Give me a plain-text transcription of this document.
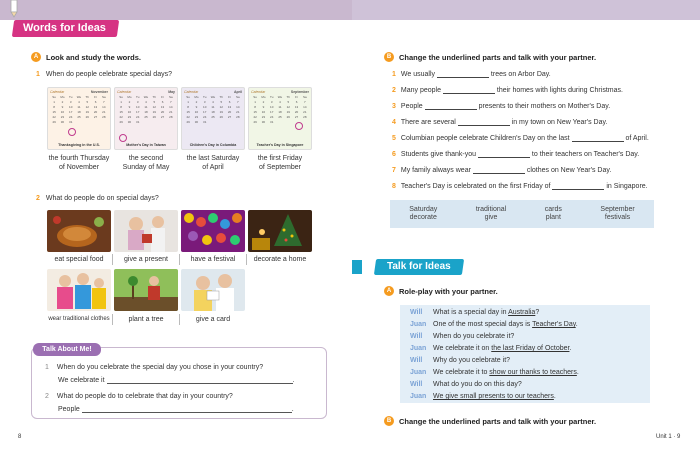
Words for Ideas
A	Look and study the words.
1 When do people celebrate special days?
Calendar	November
Su	Mo	Tu	We	Th	Fr	Sa
1	2	3	4	5	6	7
8	9	10	11	12	13	14
15	16	17	18	19	20	21
22	23	24	25	26	27	28
29	30	31
Thanksgiving in the U.S.
the fourth Thursday
of November
Calendar	May
Su	Mo	Tu	We	Th	Fr	Sa
1	2	3	4	5	6	7
8	9	10	11	12	13	14
15	16	17	18	19	20	21
22	23	24	25	26	27	28
29	30	31
Mother's Day in Taiwan
the second
Sunday of May
Calendar	April
Su	Mo	Tu	We	Th	Fr	Sa
1	2	3	4	5	6	7
8	9	10	11	12	13	14
15	16	17	18	19	20	21
22	23	24	25	26	27	28
29	30	31
Children's Day in Columbia
the last Saturday
of April
Calendar	September
Su	Mo	Tu	We	Th	Fr	Sa
1	2	3	4	5	6	7
8	9	10	11	12	13	14
15	16	17	18	19	20	21
22	23	24	25	26	27	28
29	30	31
Teacher's Day in Singapore
the first Friday
of September
2 What do people do on special days?
eat special food	give a present	have a festival	decorate a home
wear traditional clothes	plant a tree	give a card
Talk About Me!
1 When do you celebrate the special day you chose in your country?
We celebrate it	.
2 What do people do to celebrate that day in your country?
People	.
8
B	Change the underlined parts and talk with your partner.
1 We usually	trees on Arbor Day.
2 Many people	their homes with lights during Christmas.
3 People	presents to their mothers on Mother's Day.
4 There are several	in my town on New Year's Day.
5 Columbian people celebrate Children's Day on the last	of April.
6 Students give thank-you	to their teachers on Teacher's Day.
7 My family always wear	clothes on New Year's Day.
8 Teacher's Day is celebrated on the first Friday of	in Singapore.
Saturday
decorate
traditional
give
cards
plant
September
festivals
Talk for Ideas
A	Role-play with your partner.
Will What is a special day in Australia?
Juan One of the most special days is Teacher's Day.
Will When do you celebrate it?
Juan We celebrate it on the last Friday of October.
Will Why do you celebrate it?
Juan We celebrate it to show our thanks to teachers.
Will What do you do on this day?
Juan We give small presents to our teachers.
B	Change the underlined parts and talk with your partner.
Unit 1 · 9
